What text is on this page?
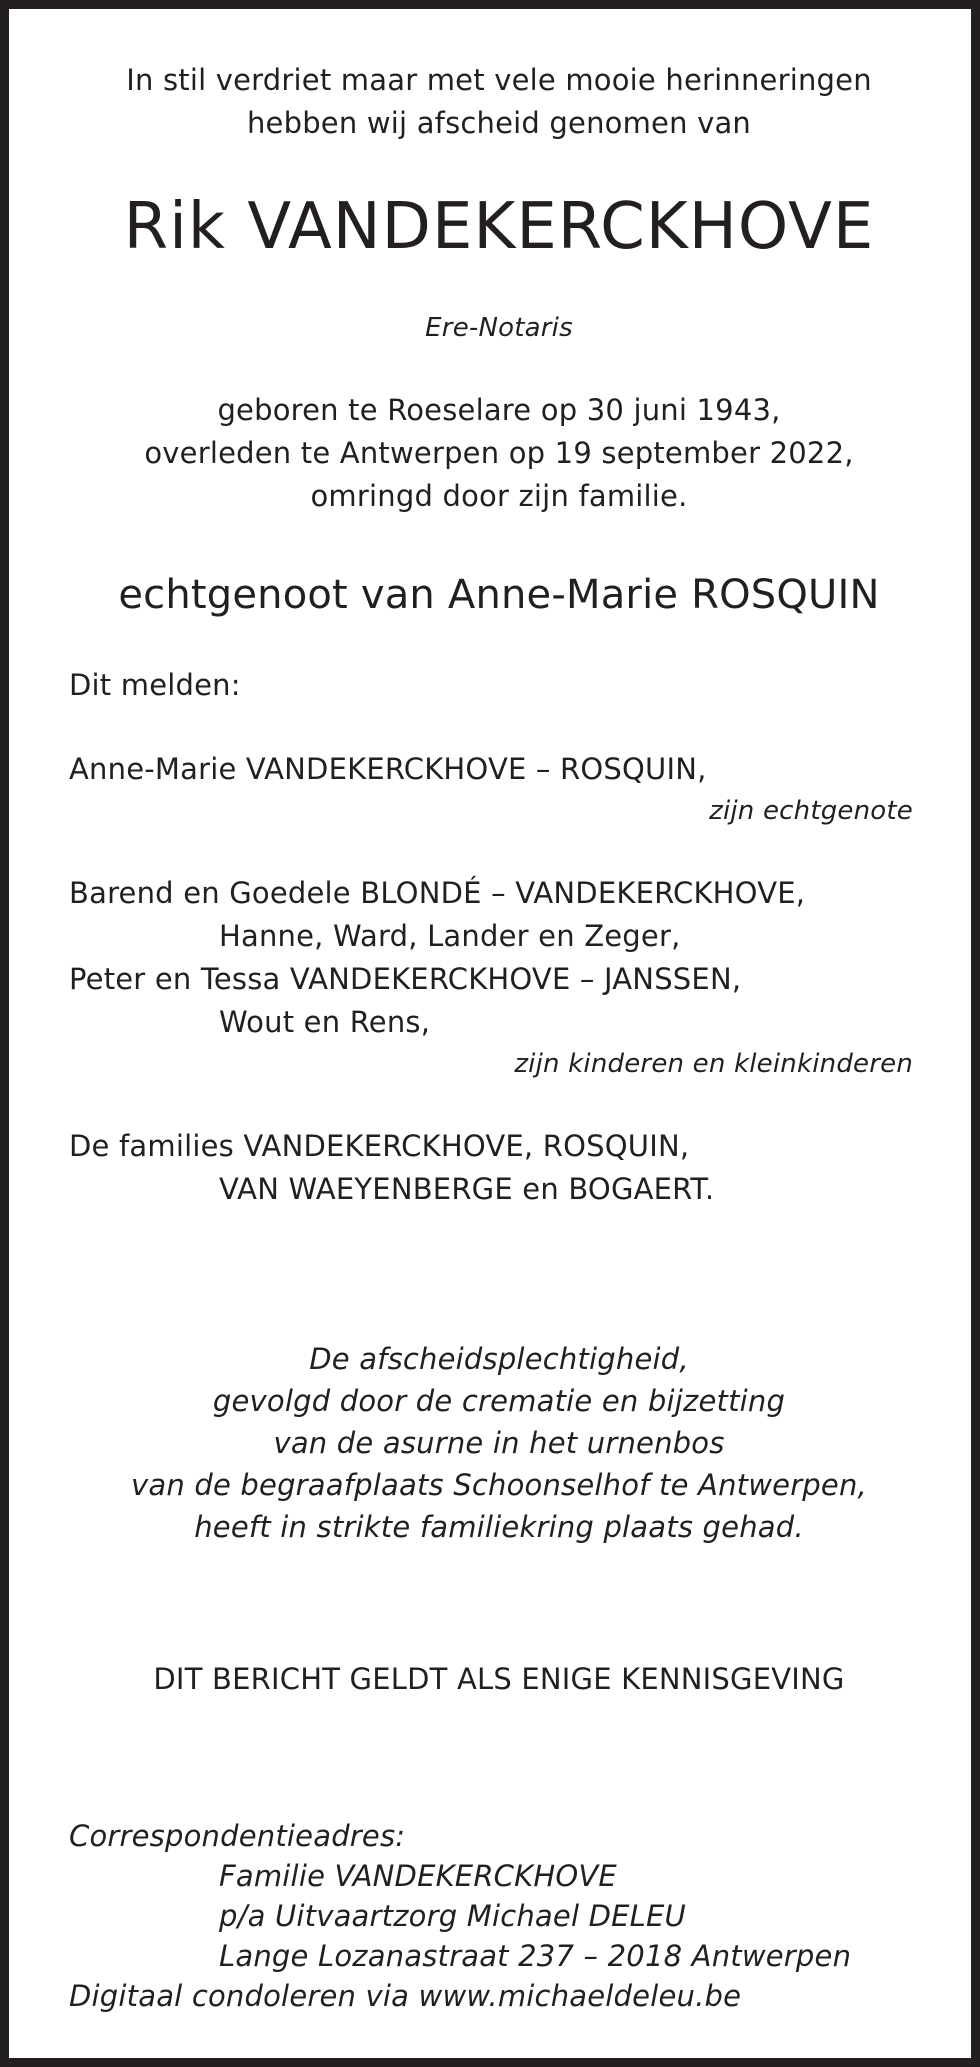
In stil verdriet maar met vele mooie herinneringen
hebben wij afscheid genomen van
Rik VANDEKERCKHOVE
Ere-Notaris
geboren te Roeselare op 30 juni 1943,
overleden te Antwerpen op 19 september 2022,
omringd door zijn familie.
echtgenoot van Anne-Marie ROSQUIN
Dit melden:
Anne-Marie VANDEKERCKHOVE – ROSQUIN,
zijn echtgenote
Barend en Goedele BLONDÉ – VANDEKERCKHOVE,
Hanne, Ward, Lander en Zeger,
Peter en Tessa VANDEKERCKHOVE – JANSSEN,
Wout en Rens,
zijn kinderen en kleinkinderen
De families VANDEKERCKHOVE, ROSQUIN,
VAN WAEYENBERGE en BOGAERT.
De afscheidsplechtigheid,
gevolgd door de crematie en bijzetting
van de asurne in het urnenbos
van de begraafplaats Schoonselhof te Antwerpen,
heeft in strikte familiekring plaats gehad.
DIT BERICHT GELDT ALS ENIGE KENNISGEVING
Correspondentieadres:
Familie VANDEKERCKHOVE
p/a Uitvaartzorg Michael DELEU
Lange Lozanastraat 237 – 2018 Antwerpen
Digitaal condoleren via www.michaeldeleu.be
